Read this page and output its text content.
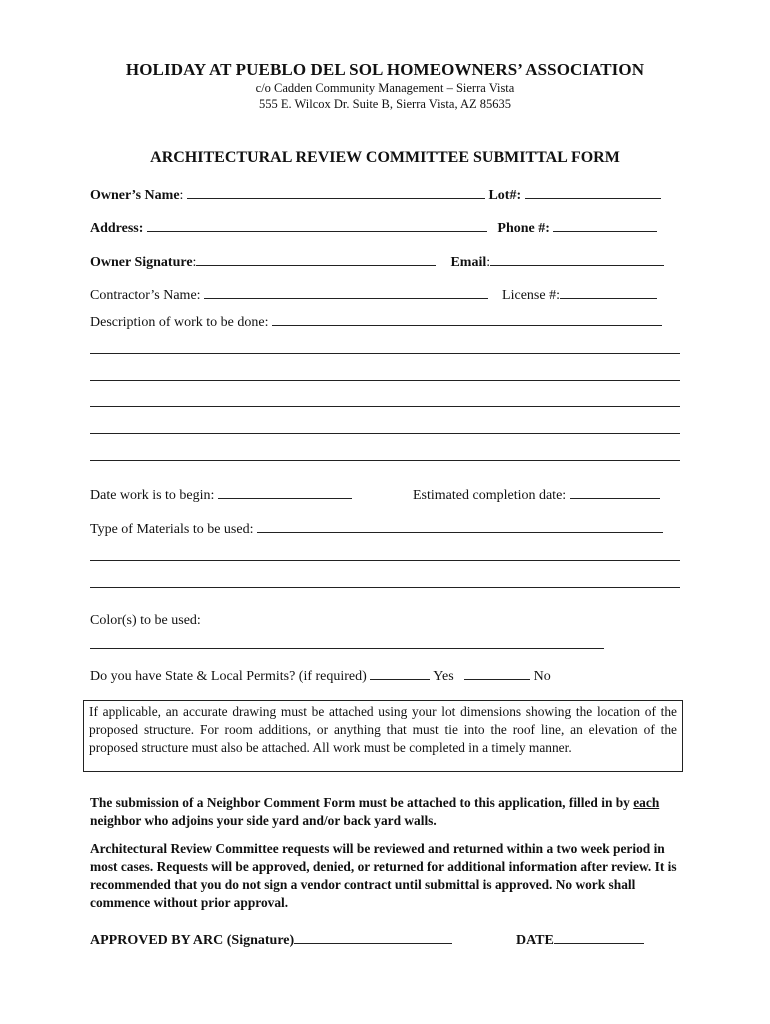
HOLIDAY AT PUEBLO DEL SOL HOMEOWNERS’ ASSOCIATION
c/o Cadden Community Management – Sierra Vista
555 E. Wilcox Dr. Suite B, Sierra Vista, AZ 85635
ARCHITECTURAL REVIEW COMMITTEE SUBMITTAL FORM
Owner’s Name:	Lot#:
Address:	Phone #:
Owner Signature:	Email:
Contractor’s Name:	License #:
Description of work to be done:
Date work is to begin:	Estimated completion date:
Type of Materials to be used:
Color(s) to be used:
Do you have State & Local Permits? (if required)	Yes	No
If applicable, an accurate drawing must be attached using your lot dimensions showing the location of the proposed structure. For room additions, or anything that must tie into the roof line, an elevation of the proposed structure must also be attached. All work must be completed in a timely manner.
The submission of a Neighbor Comment Form must be attached to this application, filled in by each neighbor who adjoins your side yard and/or back yard walls.
Architectural Review Committee requests will be reviewed and returned within a two week period in most cases. Requests will be approved, denied, or returned for additional information after review. It is recommended that you do not sign a vendor contract until submittal is approved. No work shall commence without prior approval.
APPROVED BY ARC (Signature)	DATE
